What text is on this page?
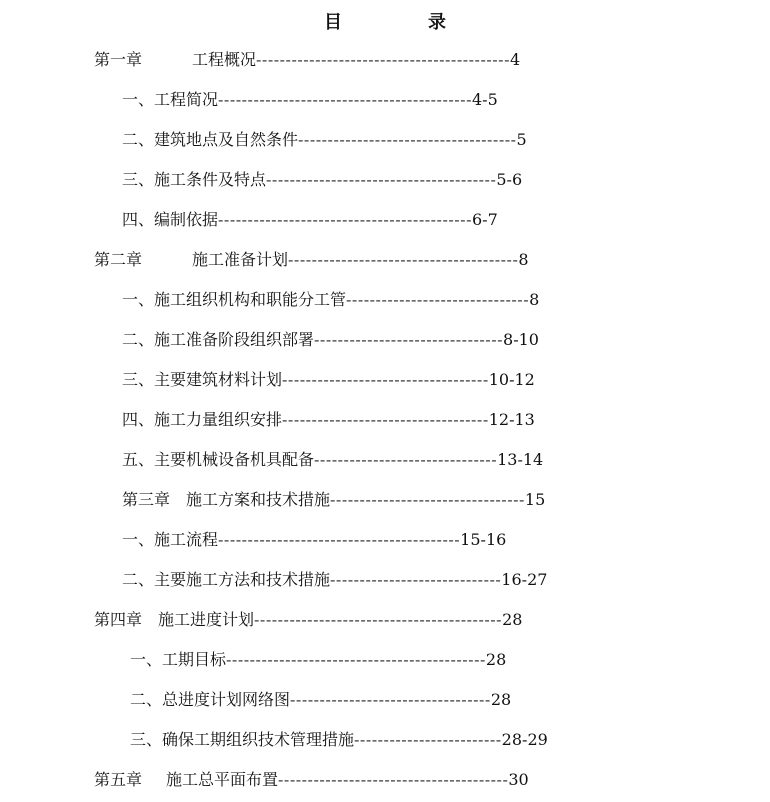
目　录
第一章	工程概况-------------------------------------------4
一、工程简况-------------------------------------------4-5
二、建筑地点及自然条件-------------------------------------5
三、施工条件及特点---------------------------------------5-6
四、编制依据-------------------------------------------6-7
第二章	施工准备计划---------------------------------------8
一、施工组织机构和职能分工管-------------------------------8
二、施工准备阶段组织部署--------------------------------8-10
三、主要建筑材料计划-----------------------------------10-12
四、施工力量组织安排-----------------------------------12-13
五、主要机械设备机具配备-------------------------------13-14
第三章　施工方案和技术措施---------------------------------15
一、施工流程-----------------------------------------15-16
二、主要施工方法和技术措施-----------------------------16-27
第四章 施工进度计划------------------------------------------28
一、工期目标--------------------------------------------28
二、总进度计划网络图----------------------------------28
三、确保工期组织技术管理措施-------------------------28-29
第五章 施工总平面布置---------------------------------------30
